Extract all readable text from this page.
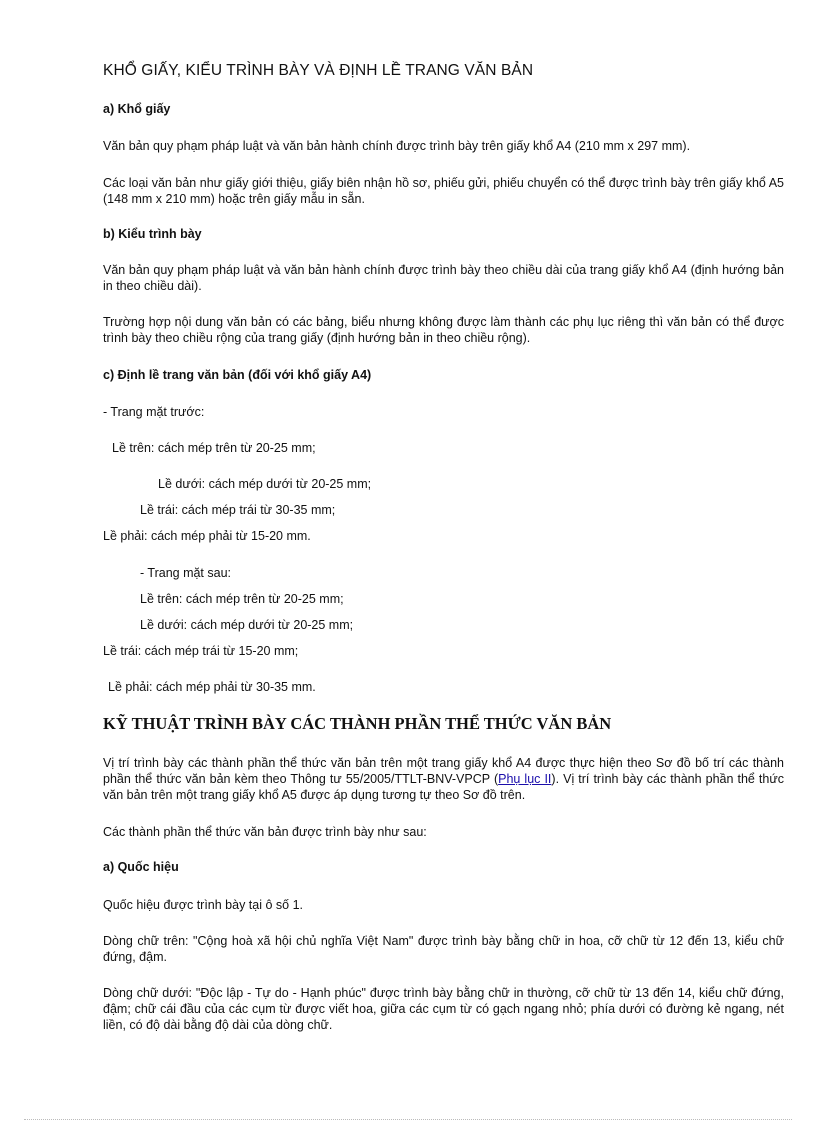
KHỔ GIẤY, KIỂU TRÌNH BÀY VÀ ĐỊNH LỀ TRANG VĂN BẢN
a) Khổ giấy
Văn bản quy phạm pháp luật và văn bản hành chính được trình bày trên giấy khổ A4 (210 mm x 297 mm).
Các loại văn bản như giấy giới thiệu, giấy biên nhận hồ sơ, phiếu gửi, phiếu chuyển có thể được trình bày trên giấy khổ A5 (148 mm x 210 mm) hoặc trên giấy mẫu in sẵn.
b) Kiểu trình bày
Văn bản quy phạm pháp luật và văn bản hành chính được trình bày theo chiều dài của trang giấy khổ A4 (định hướng bản in theo chiều dài).
Trường hợp nội dung văn bản có các bảng, biểu nhưng không được làm thành các phụ lục riêng thì văn bản có thể được trình bày theo chiều rộng của trang giấy (định hướng bản in theo chiều rộng).
c) Định lề trang văn bản (đối với khổ giấy A4)
- Trang mặt trước:
Lề trên: cách mép trên từ 20-25 mm;
Lề dưới: cách mép dưới từ 20-25 mm;
Lề trái: cách mép trái từ 30-35 mm;
Lề phải: cách mép phải từ 15-20 mm.
- Trang mặt sau:
Lề trên: cách mép trên từ 20-25 mm;
Lề dưới: cách mép dưới từ 20-25 mm;
Lề trái: cách mép trái từ 15-20 mm;
Lề phải: cách mép phải từ 30-35 mm.
KỸ THUẬT TRÌNH BÀY CÁC THÀNH PHẦN THỂ THỨC VĂN BẢN
Vị trí trình bày các thành phần thể thức văn bản trên một trang giấy khổ A4 được thực hiện theo Sơ đồ bố trí các thành phần thể thức văn bản kèm theo Thông tư 55/2005/TTLT-BNV-VPCP (Phụ lục II). Vị trí trình bày các thành phần thể thức văn bản trên một trang giấy khổ A5 được áp dụng tương tự theo Sơ đồ trên.
Các thành phần thể thức văn bản được trình bày như sau:
a) Quốc hiệu
Quốc hiệu được trình bày tại ô số 1.
Dòng chữ trên: "Cộng hoà xã hội chủ nghĩa Việt Nam" được trình bày bằng chữ in hoa, cỡ chữ từ 12 đến 13, kiểu chữ đứng, đậm.
Dòng chữ dưới: "Độc lập - Tự do - Hạnh phúc" được trình bày bằng chữ in thường, cỡ chữ từ 13 đến 14, kiểu chữ đứng, đậm; chữ cái đầu của các cụm từ được viết hoa, giữa các cụm từ có gạch ngang nhỏ; phía dưới có đường kẻ ngang, nét liền, có độ dài bằng độ dài của dòng chữ.
